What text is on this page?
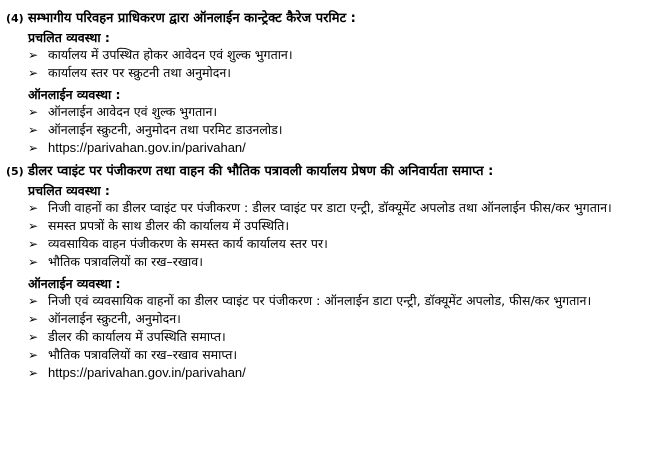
(4) सम्भागीय परिवहन प्राधिकरण द्वारा ऑनलाईन कान्ट्रेक्ट कैरेज परमिट :
प्रचलित व्यवस्था :
➢ कार्यालय में उपस्थित होकर आवेदन एवं शुल्क भुगतान।
➢ कार्यालय स्तर पर स्क्रुटनी तथा अनुमोदन।
ऑनलाईन व्यवस्था :
➢ ऑनलाईन आवेदन एवं शुल्क भुगतान।
➢ ऑनलाईन स्क्रुटनी, अनुमोदन तथा परमिट डाउनलोड।
➢ https://parivahan.gov.in/parivahan/
(5) डीलर प्वाइंट पर पंजीकरण तथा वाहन की भौतिक पत्रावली कार्यालय प्रेषण की अनिवार्यता समाप्त :
प्रचलित व्यवस्था :
➢ निजी वाहनों का डीलर प्वाइंट पर पंजीकरण : डीलर प्वाइंट पर डाटा एन्ट्री, डॉक्यूमेंट अपलोड तथा ऑनलाईन फीस/कर भुगतान।
➢ समस्त प्रपत्रों के साथ डीलर की कार्यालय में उपस्थिति।
➢ व्यवसायिक वाहन पंजीकरण के समस्त कार्य कार्यालय स्तर पर।
➢ भौतिक पत्रावलियों का रख–रखाव।
ऑनलाईन व्यवस्था :
➢ निजी एवं व्यवसायिक वाहनों का डीलर प्वाइंट पर पंजीकरण : ऑनलाईन डाटा एन्ट्री, डॉक्यूमेंट अपलोड, फीस/कर भुगतान।
➢ ऑनलाईन स्क्रुटनी, अनुमोदन।
➢ डीलर की कार्यालय में उपस्थिति समाप्त।
➢ भौतिक पत्रावलियों का रख–रखाव समाप्त।
➢ https://parivahan.gov.in/parivahan/
